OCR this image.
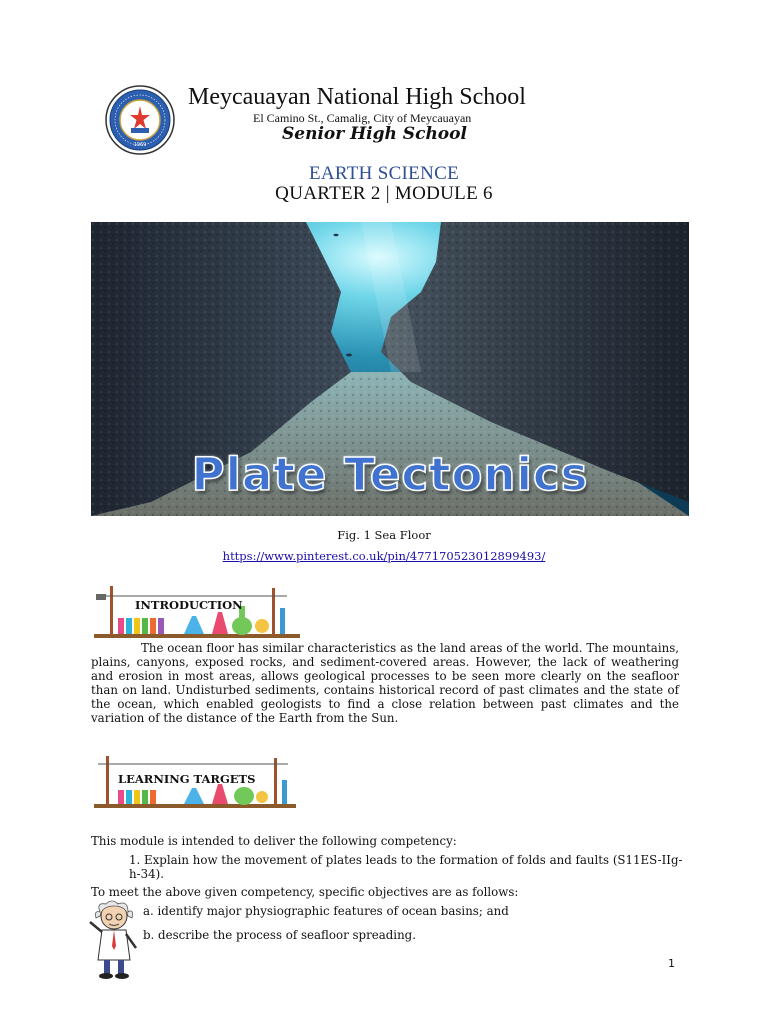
1969
Meycauayan National High School
El Camino St., Camalig, City of Meycauayan
Senior High School
EARTH SCIENCE
QUARTER 2 | MODULE 6
Plate Tectonics
Fig. 1 Sea Floor
https://www.pinterest.co.uk/pin/477170523012899493/
INTRODUCTION
The ocean floor has similar characteristics as the land areas of the world. The mountains, plains, canyons, exposed rocks, and sediment-covered areas. However, the lack of weathering and erosion in most areas, allows geological processes to be seen more clearly on the seafloor than on land. Undisturbed sediments, contains historical record of past climates and the state of the ocean, which enabled geologists to find a close relation between past climates and the variation of the distance of the Earth from the Sun.
LEARNING TARGETS
This module is intended to deliver the following competency:
1. Explain how the movement of plates leads to the formation of folds and faults (S11ES-IIg-h-34).
To meet the above given competency, specific objectives are as follows:
a. identify major physiographic features of ocean basins; and
b. describe the process of seafloor spreading.
1
